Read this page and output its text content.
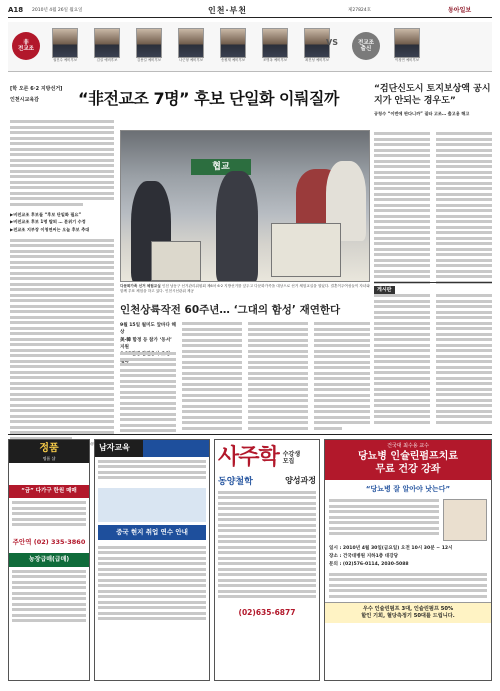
A18 2010년 4월 26일 월요일	인천·부천	제27824호	동아일보
非
전교조
권진수 예비후보	김실 예비후보	김용길 예비후보	나근형 예비후보	송원재 예비후보	조병옥 예비후보	최진성 예비후보
VS	전교조
출신
이청연 예비후보
[학 오른 6·2 지방선거]
인천시교육감	“非전교조 7명” 후보 단일화 이뤄질까
▶비전교조 후보들 “후보 단일화 필요”
▶비전교조 후보 1명 탈퇴 … 분위기 수정
▶전교조 지부장 이청연씨는 오늘 후보 추대
협교
다문화가족 선거 체험교실 인천 남동구 선거관리위원회 제6차 6·2 지방선거를 앞두고 다문화가족을 대상으로 선거 체험교실을 열었다. 결혼이주여성들이 자녀와 함께 투표 체험을 하고 있다. 인천시선관위 제공
인천상륙작전 60주년… ‘그대의 함성’ 재연한다
9월 15일 월미도 앞바다 해상
美·韓 함정 등 참가 ‘동서’ 지원
“검단신도시 토지보상액 공시지가 안되는 경우도”
공청수 “이번에 판다니까” 질타 고조… 출고용 해고
게시판
정품
명품 샵
“금” 다가구 한원 매매
주안역 (02) 335-3860
농장급매(급매)
남자교육
중국 현지 취업 연수 안내
사주학 수강생 모집
동양철학	양성과정
(02)635-6877
건국대 최수용 교수
당뇨병 인슐린펌프치료
무료 건강 강좌
“당뇨병 잘 알아야 낫는다”
일시 : 2010년 4월 30일(금요일) 오전 10시 30분 ~ 12시
장소 : 건국대병원 지하1층 대강당
문의 : (02)576-0114, 2030-5088
우수 인슐린펌프 3대, 인슐린펌프 50%
할인 기회, 혈당측정기 50대를 드립니다.
